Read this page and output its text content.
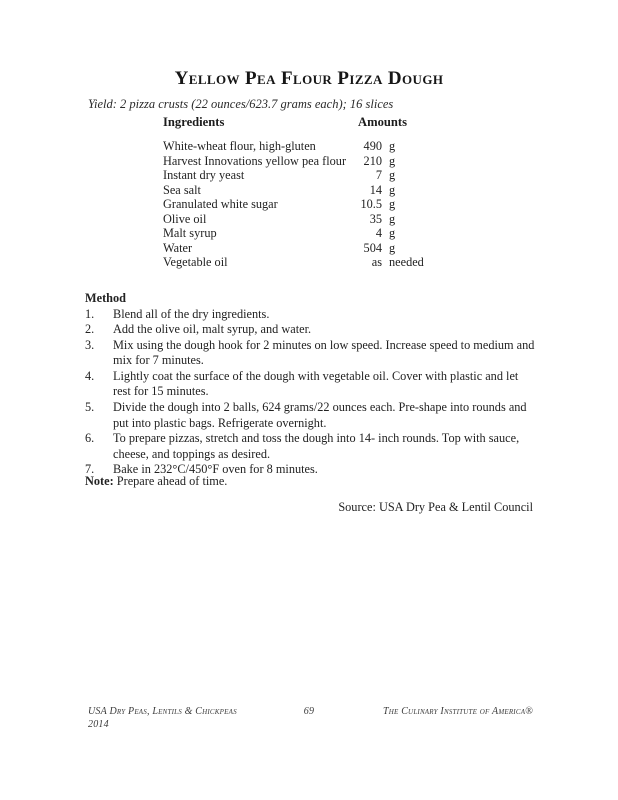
Yellow Pea Flour Pizza Dough
Yield: 2 pizza crusts (22 ounces/623.7 grams each); 16 slices
Ingredients	Amounts
White-wheat flour, high-gluten	490 g
Harvest Innovations yellow pea flour	210 g
Instant dry yeast	7 g
Sea salt	14 g
Granulated white sugar	10.5 g
Olive oil	35 g
Malt syrup	4 g
Water	504 g
Vegetable oil	as needed
Method
1.	Blend all of the dry ingredients.
2.	Add the olive oil, malt syrup, and water.
3.	Mix using the dough hook for 2 minutes on low speed. Increase speed to medium and mix for 7 minutes.
4.	Lightly coat the surface of the dough with vegetable oil. Cover with plastic and let rest for 15 minutes.
5.	Divide the dough into 2 balls, 624 grams/22 ounces each. Pre-shape into rounds and put into plastic bags. Refrigerate overnight.
6.	To prepare pizzas, stretch and toss the dough into 14- inch rounds. Top with sauce, cheese, and toppings as desired.
7.	Bake in 232°C/450°F oven for 8 minutes.
Note: Prepare ahead of time.
Source: USA Dry Pea & Lentil Council
USA Dry Peas, Lentils & Chickpeas
2014
69	The Culinary Institute of America®
